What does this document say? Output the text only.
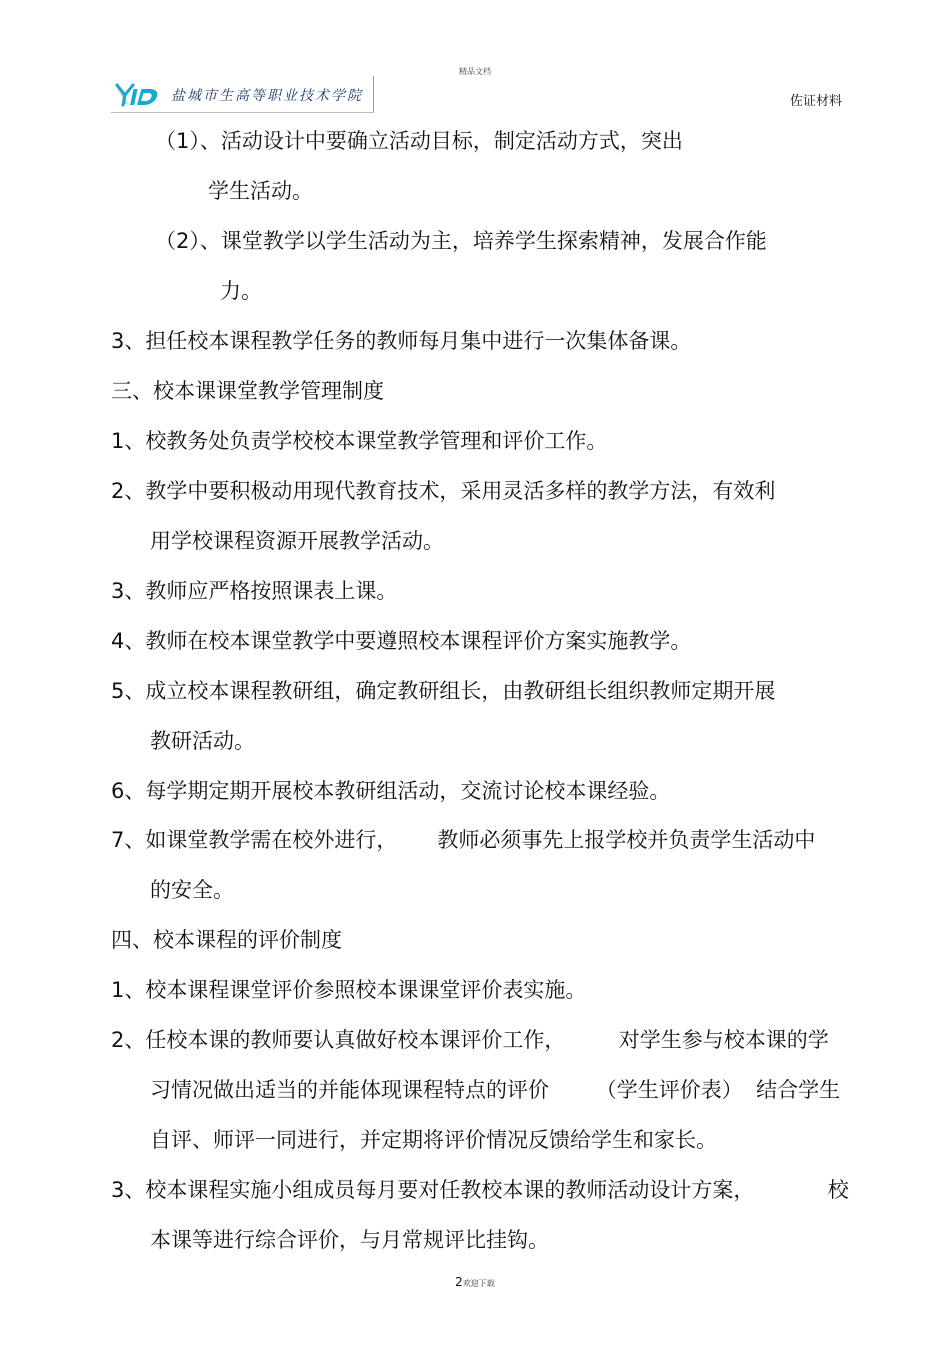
精品文档
盐城市生高等职业技术学院	佐证材料
（1）、活动设计中要确立活动目标，制定活动方式，突出
学生活动。
（2）、课堂教学以学生活动为主，培养学生探索精神，发展合作能
力。
3、担任校本课程教学任务的教师每月集中进行一次集体备课。
三、校本课课堂教学管理制度
1、校教务处负责学校校本课堂教学管理和评价工作。
2、教学中要积极动用现代教育技术，采用灵活多样的教学方法，有效利
用学校课程资源开展教学活动。
3、教师应严格按照课表上课。
4、教师在校本课堂教学中要遵照校本课程评价方案实施教学。
5、成立校本课程教研组，确定教研组长，由教研组长组织教师定期开展
教研活动。
6、每学期定期开展校本教研组活动，交流讨论校本课经验。
7、如课堂教学需在校外进行，      教师必须事先上报学校并负责学生活动中
的安全。
四、校本课程的评价制度
1、校本课程课堂评价参照校本课课堂评价表实施。
2、任校本课的教师要认真做好校本课评价工作，        对学生参与校本课的学
习情况做出适当的并能体现课程特点的评价       （学生评价表）  结合学生
自评、师评一同进行，并定期将评价情况反馈给学生和家长。
3、校本课程实施小组成员每月要对任教校本课的教师活动设计方案，           校
本课等进行综合评价，与月常规评比挂钩。
2欢迎下载
